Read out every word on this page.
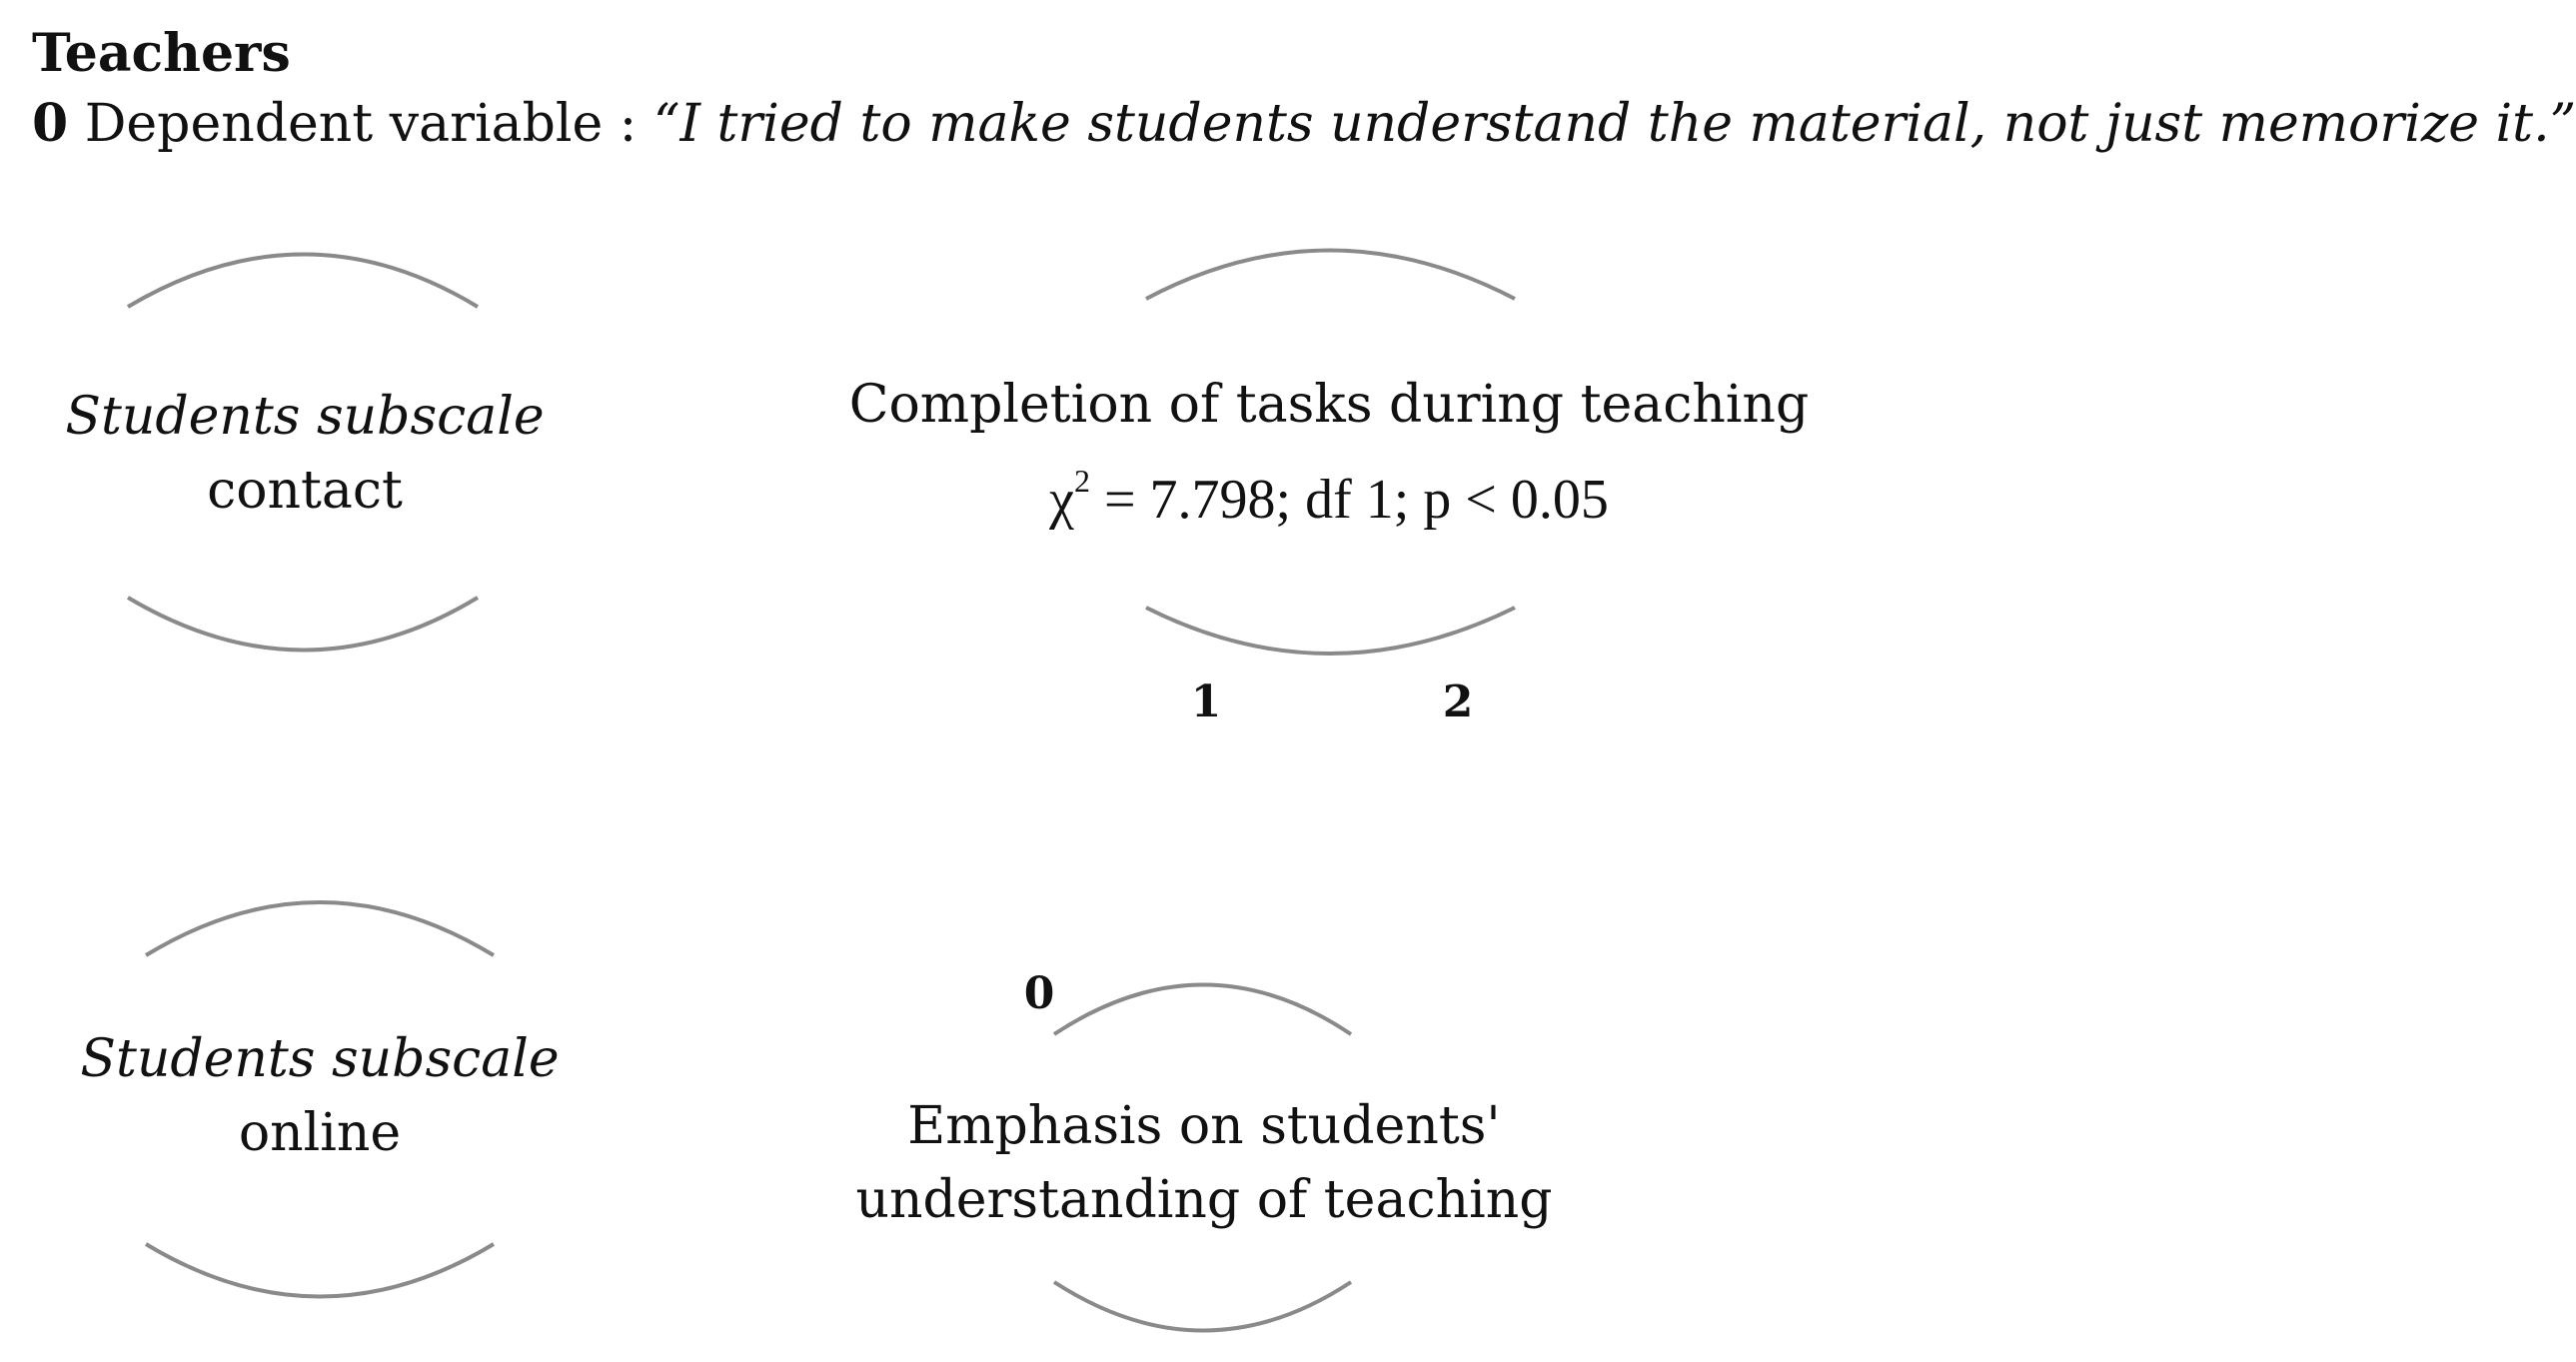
Teachers
0 Dependent variable : “I tried to make students understand the material, not just memorize it.”
Students subscale
contact
Completion of tasks during teaching
$\chi^2 = 7.798$; df 1; p < 0.05
1	2
Students subscale
online
0
Emphasis on students'
understanding of teaching
